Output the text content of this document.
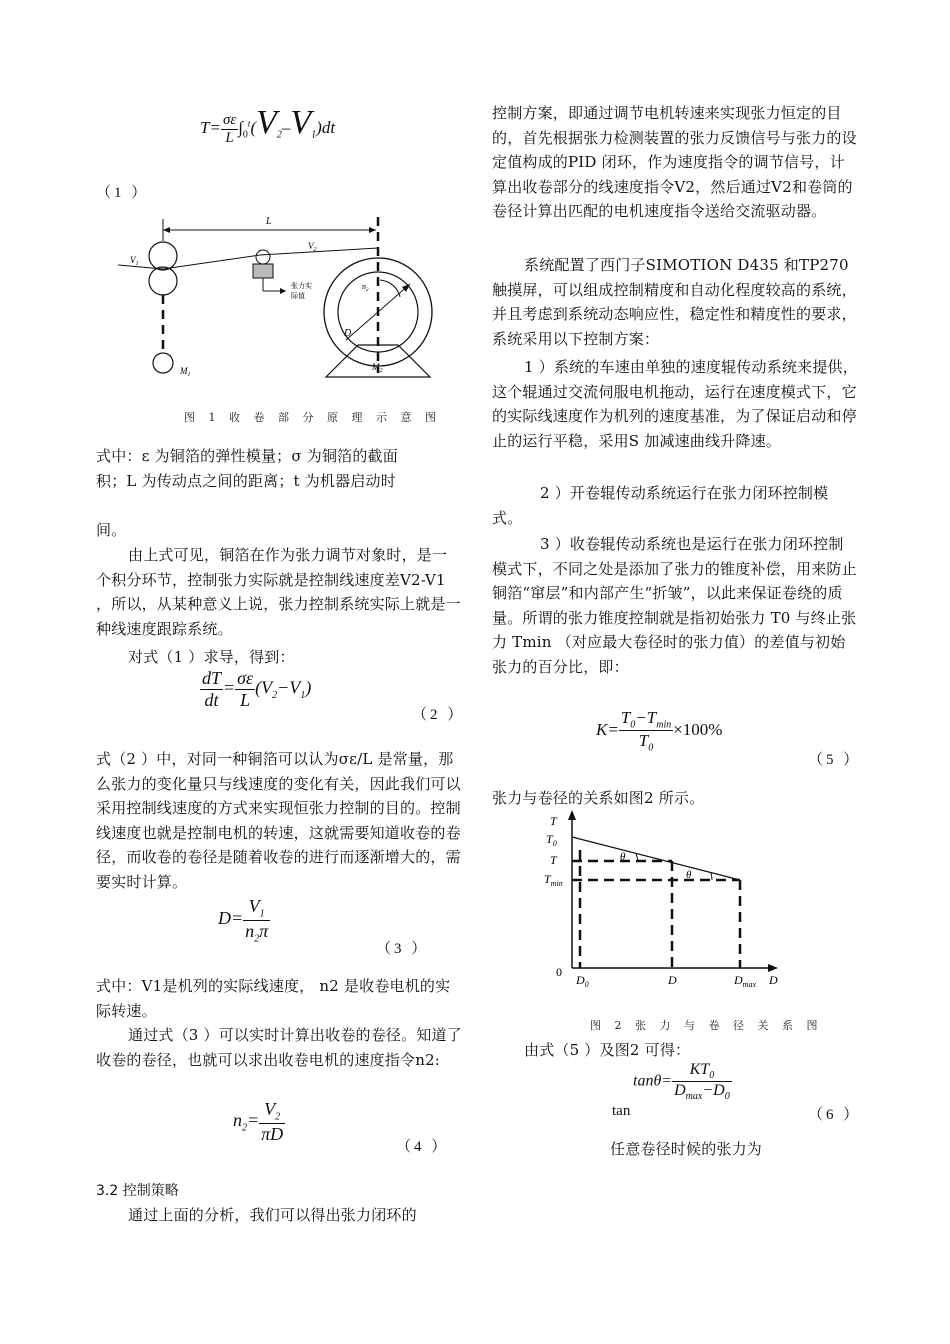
$T= \frac{\sigma\varepsilon}{L} \int_0^t(V_2-V_1)dt$
（1 ）
L
$V_1$
$V_2$
$n_2$
D
$M_1$
$M_2$
张力实
际值
图 1 收 卷 部 分 原 理 示 意 图
式中：ε 为铜箔的弹性模量；σ 为铜箔的截面
积；L 为传动点之间的距离；t 为机器启动时
间。
由上式可见，铜箔在作为张力调节对象时，是一个积分环节，控制张力实际就是控制线速度差V2-V1 ，所以，从某种意义上说，张力控制系统实际上就是一种线速度跟踪系统。
对式（1 ）求导，得到：
$\frac{dT}{dt} = \frac{\sigma\varepsilon}{L} (V_2-V_1)$
（2 ）
式（2 ）中，对同一种铜箔可以认为σε/L 是常量，那么张力的变化量只与线速度的变化有关，因此我们可以采用控制线速度的方式来实现恒张力控制的目的。控制线速度也就是控制电机的转速，这就需要知道收卷的卷径，而收卷的卷径是随着收卷的进行而逐渐增大的，需要实时计算。
$D= \frac{V_1}{n_2\pi}$
（3 ）
式中：V1是机列的实际线速度， n2 是收卷电机的实际转速。
通过式（3 ）可以实时计算出收卷的卷径。知道了收卷的卷径，也就可以求出收卷电机的速度指令n2:
$n_2= \frac{V_2}{\pi D}$
（4 ）
3.2 控制策略
通过上面的分析，我们可以得出张力闭环的
控制方案，即通过调节电机转速来实现张力恒定的目的，首先根据张力检测装置的张力反馈信号与张力的设定值构成的PID 闭环，作为速度指令的调节信号，计算出收卷部分的线速度指令V2，然后通过V2和卷筒的卷径计算出匹配的电机速度指令送给交流驱动器。
系统配置了西门子SIMOTION D435 和TP270 触摸屏，可以组成控制精度和自动化程度较高的系统，并且考虑到系统动态响应性，稳定性和精度性的要求，系统采用以下控制方案：
1 ）系统的车速由单独的速度辊传动系统来提供，这个辊通过交流伺服电机拖动，运行在速度模式下，它的实际线速度作为机列的速度基准，为了保证启动和停止的运行平稳，采用S 加减速曲线升降速。
2 ）开卷辊传动系统运行在张力闭环控制模式。
3 ）收卷辊传动系统也是运行在张力闭环控制模式下，不同之处是添加了张力的锥度补偿，用来防止铜箔“窜层”和内部产生“折皱”，以此来保证卷绕的质量。所谓的张力锥度控制就是指初始张力 T0 与终止张力 Tmin （对应最大卷径时的张力值）的差值与初始张力的百分比，即：
$K= \frac{T_0-T_{min}}{T_0} \times 100\%$
（5 ）
张力与卷径的关系如图2 所示。
T
$T_0$
T
$T_{min}$
0
$D_0$	D	$D_{max}$ D
θ
θ
图 2 张 力 与 卷 径 关 系 图
由式（5 ）及图2 可得：
$\tan\theta= \frac{KT_0}{D_{max}-D_0}$
tan	（6 ）
任意卷径时候的张力为
